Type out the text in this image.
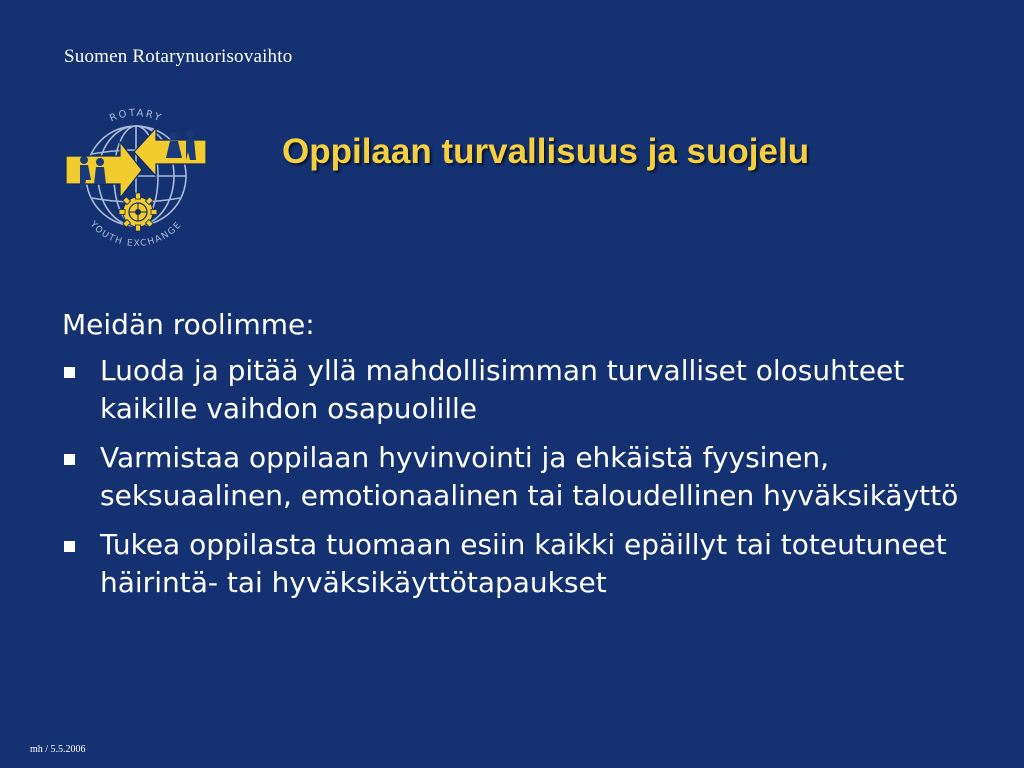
Suomen Rotarynuorisovaihto
ROTARY
YOUTH EXCHANGE
Oppilaan turvallisuus ja suojelu
Meidän roolimme:
Luoda ja pitää yllä mahdollisimman turvalliset olosuhteet kaikille vaihdon osapuolille
Varmistaa oppilaan hyvinvointi ja ehkäistä fyysinen, seksuaalinen, emotionaalinen tai taloudellinen hyväksikäyttö
Tukea oppilasta tuomaan esiin kaikki epäillyt tai toteutuneet häirintä- tai hyväksikäyttötapaukset
mh / 5.5.2006
